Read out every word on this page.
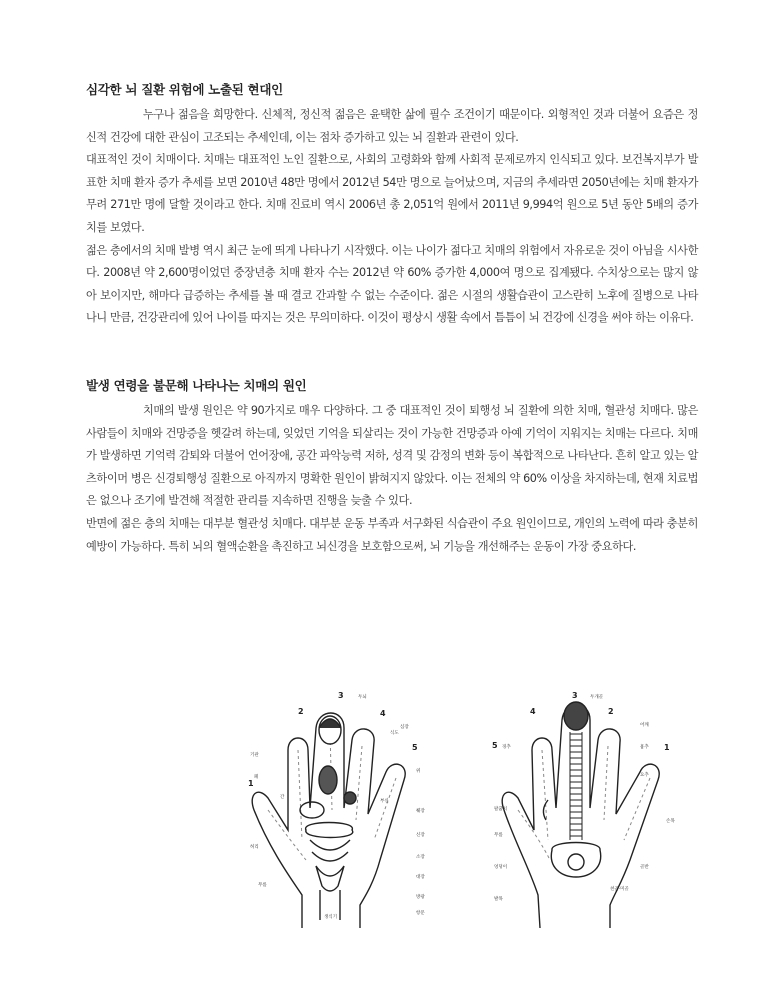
심각한 뇌 질환 위험에 노출된 현대인

누구나 젊음을 희망한다. 신체적, 정신적 젊음은 윤택한 삶에 필수 조건이기 때문이다. 외형적인 것과 더불어 요즘은 정신적 건강에 대한 관심이 고조되는 추세인데, 이는 점차 증가하고 있는 뇌 질환과 관련이 있다.

대표적인 것이 치매이다. 치매는 대표적인 노인 질환으로, 사회의 고령화와 함께 사회적 문제로까지 인식되고 있다. 보건복지부가 발표한 치매 환자 증가 추세를 보면 2010년 48만 명에서 2012년 54만 명으로 늘어났으며, 지금의 추세라면 2050년에는 치매 환자가 무려 271만 명에 달할 것이라고 한다. 치매 진료비 역시 2006년 총 2,051억 원에서 2011년 9,994억 원으로 5년 동안 5배의 증가치를 보였다.

젊은 층에서의 치매 발병 역시 최근 눈에 띄게 나타나기 시작했다. 이는 나이가 젊다고 치매의 위험에서 자유로운 것이 아님을 시사한다. 2008년 약 2,600명이었던 중장년층 치매 환자 수는 2012년 약 60% 증가한 4,000여 명으로 집계됐다. 수치상으로는 많지 않아 보이지만, 해마다 급증하는 추세를 볼 때 결코 간과할 수 없는 수준이다. 젊은 시절의 생활습관이 고스란히 노후에 질병으로 나타나니 만큼, 건강관리에 있어 나이를 따지는 것은 무의미하다. 이것이 평상시 생활 속에서 틈틈이 뇌 건강에 신경을 써야 하는 이유다.

발생 연령을 불문해 나타나는 치매의 원인

치매의 발생 원인은 약 90가지로 매우 다양하다. 그 중 대표적인 것이 퇴행성 뇌 질환에 의한 치매, 혈관성 치매다. 많은 사람들이 치매와 건망증을 헷갈려 하는데, 잊었던 기억을 되살리는 것이 가능한 건망증과 아예 기억이 지워지는 치매는 다르다. 치매가 발생하면 기억력 감퇴와 더불어 언어장애, 공간 파악능력 저하, 성격 및 감정의 변화 등이 복합적으로 나타난다. 흔히 알고 있는 알츠하이머 병은 신경퇴행성 질환으로 아직까지 명확한 원인이 밝혀지지 않았다. 이는 전체의 약 60% 이상을 차지하는데, 현재 치료법은 없으나 조기에 발견해 적절한 관리를 지속하면 진행을 늦출 수 있다.

반면에 젊은 층의 치매는 대부분 혈관성 치매다. 대부분 운동 부족과 서구화된 식습관이 주요 원인이므로, 개인의 노력에 따라 충분히 예방이 가능하다. 특히 뇌의 혈액순환을 촉진하고 뇌신경을 보호함으로써, 뇌 기능을 개선해주는 운동이 가장 중요하다.

1
2
3
4
5
두뇌
심장
기관
식도
폐
위
간
췌장
부신
신장
소장
대장
방광
생식기
항문
허리
무릎
3
2
4
5	1
두개골
경추	흉추
요추
어깨
팔꿈치
무릎
엉덩이	골반
손목
발목
천골·미골
